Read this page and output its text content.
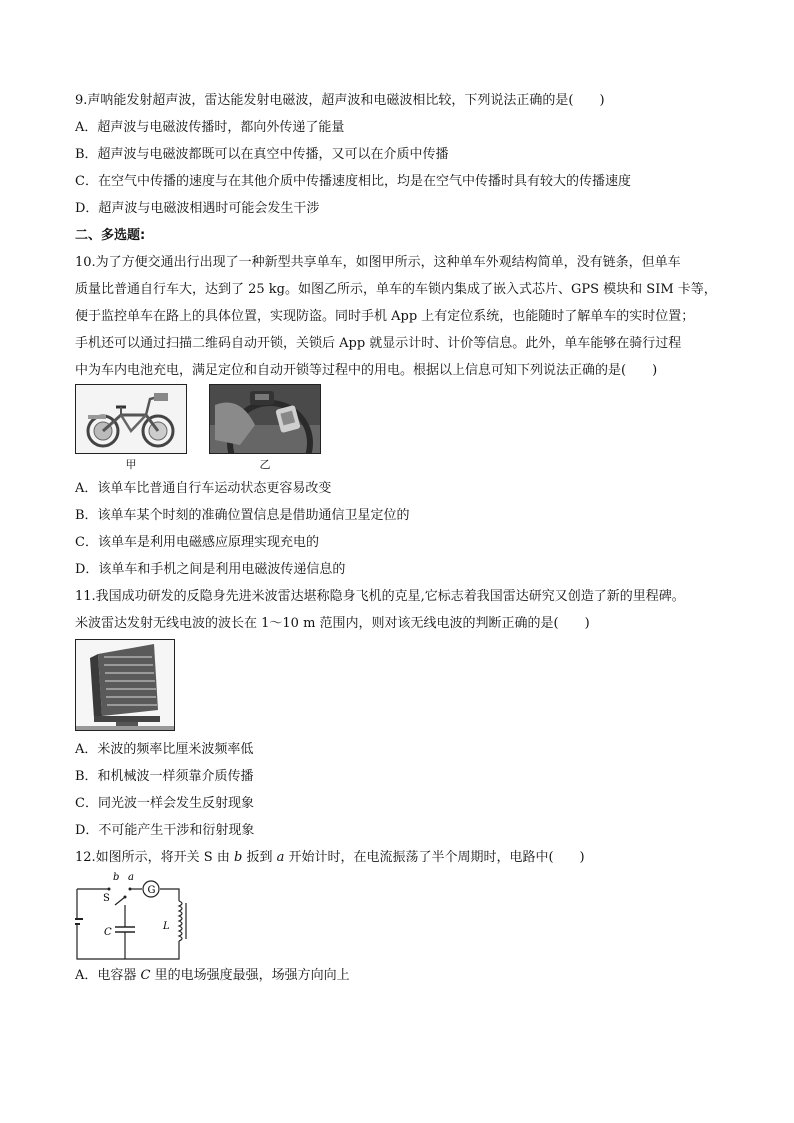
9.声呐能发射超声波，雷达能发射电磁波，超声波和电磁波相比较，下列说法正确的是(　　)

A．超声波与电磁波传播时，都向外传递了能量

B．超声波与电磁波都既可以在真空中传播，又可以在介质中传播

C．在空气中传播的速度与在其他介质中传播速度相比，均是在空气中传播时具有较大的传播速度

D．超声波与电磁波相遇时可能会发生干涉

二、多选题:

10.为了方便交通出行出现了一种新型共享单车，如图甲所示，这种单车外观结构简单，没有链条，但单车

质量比普通自行车大，达到了 25 kg。如图乙所示，单车的车锁内集成了嵌入式芯片、GPS 模块和 SIM 卡等，

便于监控单车在路上的具体位置，实现防盗。同时手机 App 上有定位系统，也能随时了解单车的实时位置；

手机还可以通过扫描二维码自动开锁，关锁后 App 就显示计时、计价等信息。此外，单车能够在骑行过程

中为车内电池充电，满足定位和自动开锁等过程中的用电。根据以上信息可知下列说法正确的是(　　)

甲	乙

A．该单车比普通自行车运动状态更容易改变

B．该单车某个时刻的准确位置信息是借助通信卫星定位的

C．该单车是利用电磁感应原理实现充电的

D．该单车和手机之间是利用电磁波传递信息的

11.我国成功研发的反隐身先进米波雷达堪称隐身飞机的克星,它标志着我国雷达研究又创造了新的里程碑。

米波雷达发射无线电波的波长在 1～10 m 范围内，则对该无线电波的判断正确的是(　　)

A．米波的频率比厘米波频率低

B．和机械波一样须靠介质传播

C．同光波一样会发生反射现象

D．不可能产生干涉和衍射现象

12.如图所示，将开关 S 由 b 扳到 a 开始计时，在电流振荡了半个周期时，电路中(　　)

G
b a
S
C
L

A．电容器 C 里的电场强度最强，场强方向向上
